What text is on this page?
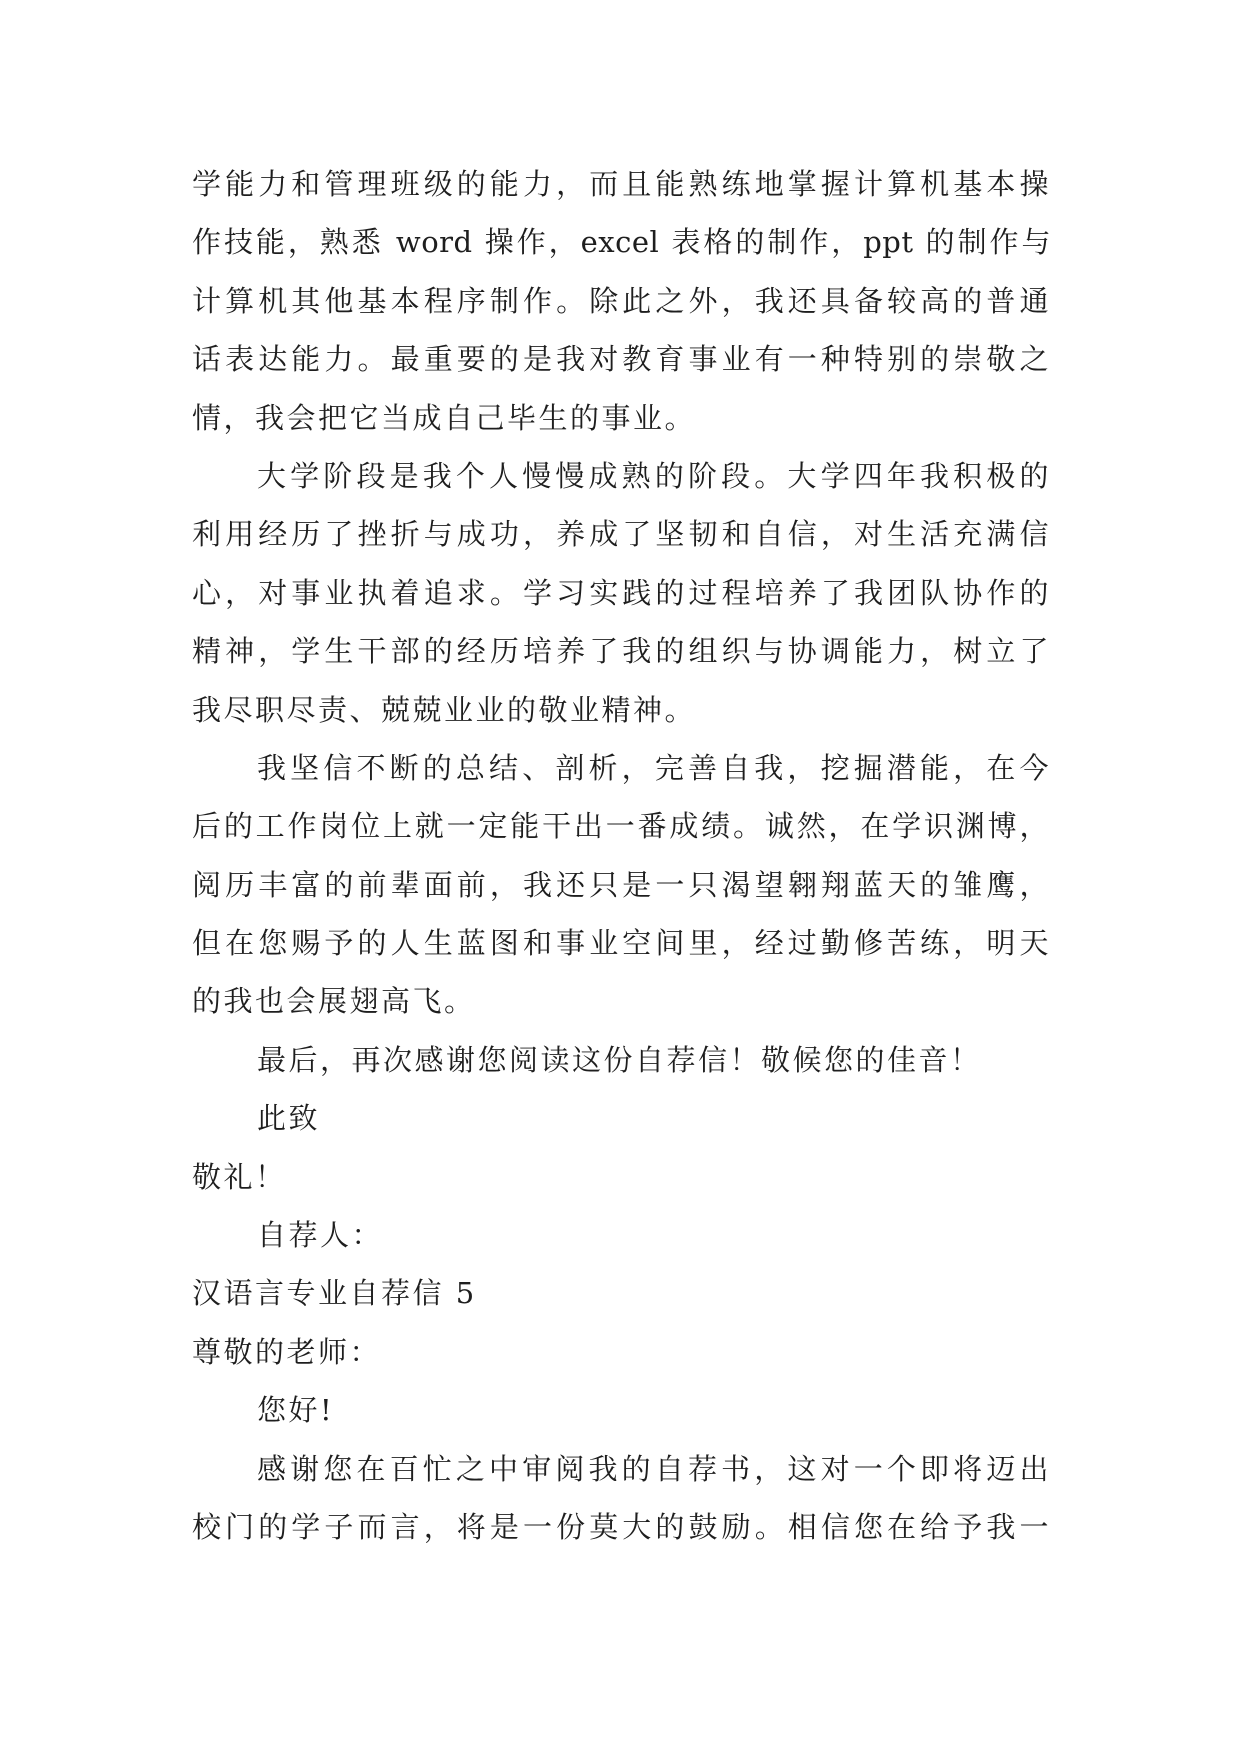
学能力和管理班级的能力，而且能熟练地掌握计算机基本操
作技能，熟悉 word 操作，excel 表格的制作，ppt 的制作与
计算机其他基本程序制作。除此之外，我还具备较高的普通
话表达能力。最重要的是我对教育事业有一种特别的崇敬之
情，我会把它当成自己毕生的事业。
大学阶段是我个人慢慢成熟的阶段。大学四年我积极的
利用经历了挫折与成功，养成了坚韧和自信，对生活充满信
心，对事业执着追求。学习实践的过程培养了我团队协作的
精神，学生干部的经历培养了我的组织与协调能力，树立了
我尽职尽责、兢兢业业的敬业精神。
我坚信不断的总结、剖析，完善自我，挖掘潜能，在今
后的工作岗位上就一定能干出一番成绩。诚然，在学识渊博，
阅历丰富的前辈面前，我还只是一只渴望翱翔蓝天的雏鹰，
但在您赐予的人生蓝图和事业空间里，经过勤修苦练，明天
的我也会展翅高飞。
最后，再次感谢您阅读这份自荐信！敬候您的佳音！
此致
敬礼！
自荐人：
汉语言专业自荐信 5
尊敬的老师：
您好!
感谢您在百忙之中审阅我的自荐书，这对一个即将迈出
校门的学子而言，将是一份莫大的鼓励。相信您在给予我一
